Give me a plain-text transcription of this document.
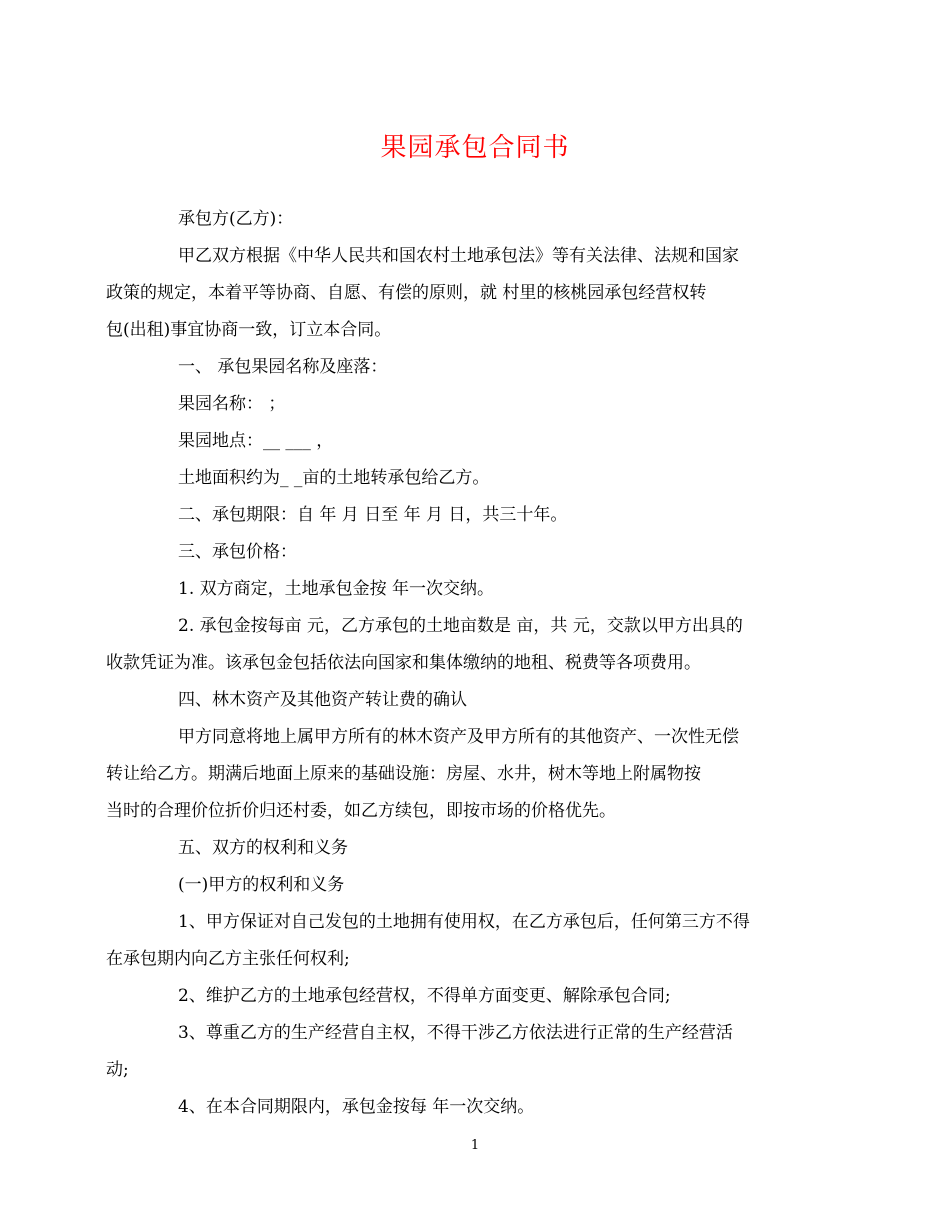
果园承包合同书

承包方(乙方)：

甲乙双方根据《中华人民共和国农村土地承包法》等有关法律、法规和国家
政策的规定，本着平等协商、自愿、有偿的原则，就 村里的核桃园承包经营权转
包(出租)事宜协商一致，订立本合同。

一、 承包果园名称及座落：

果园名称： ；

果园地点：__ ___ ，

土地面积约为_ _亩的土地转承包给乙方。

二、承包期限：自 年 月 日至 年 月 日，共三十年。

三、承包价格：

1. 双方商定，土地承包金按 年一次交纳。

2. 承包金按每亩 元，乙方承包的土地亩数是 亩，共 元，交款以甲方出具的
收款凭证为准。该承包金包括依法向国家和集体缴纳的地租、税费等各项费用。

四、林木资产及其他资产转让费的确认

甲方同意将地上属甲方所有的林木资产及甲方所有的其他资产、一次性无偿
转让给乙方。期满后地面上原来的基础设施：房屋、水井，树木等地上附属物按
当时的合理价位折价归还村委，如乙方续包，即按市场的价格优先。

五、双方的权利和义务

(一)甲方的权利和义务

1、甲方保证对自己发包的土地拥有使用权，在乙方承包后，任何第三方不得
在承包期内向乙方主张任何权利;

2、维护乙方的土地承包经营权，不得单方面变更、解除承包合同;

3、尊重乙方的生产经营自主权，不得干涉乙方依法进行正常的生产经营活
动;

4、在本合同期限内，承包金按每 年一次交纳。

1
